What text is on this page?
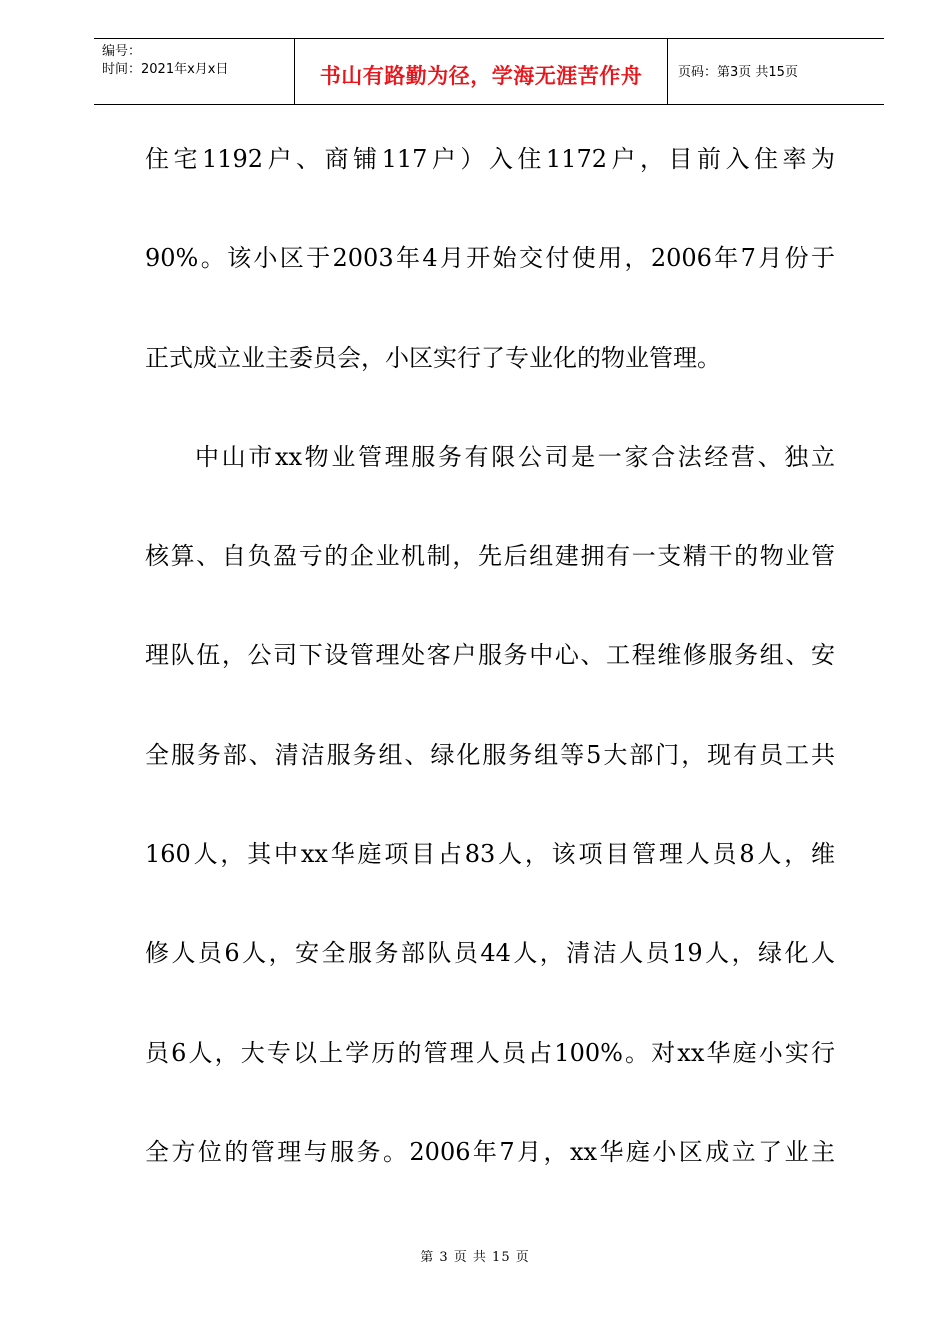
编号：
时间：2021年x月x日	书山有路勤为径，学海无涯苦作舟	页码：第3页 共15页
住宅1192户、商铺117户）入住1172户，目前入住率为
90%。该小区于2003年4月开始交付使用，2006年7月份于
正式成立业主委员会，小区实行了专业化的物业管理。
中山市xx物业管理服务有限公司是一家合法经营、独立
核算、自负盈亏的企业机制，先后组建拥有一支精干的物业管
理队伍，公司下设管理处客户服务中心、工程维修服务组、安
全服务部、清洁服务组、绿化服务组等5大部门，现有员工共
160人，其中xx华庭项目占83人，该项目管理人员8人，维
修人员6人，安全服务部队员44人，清洁人员19人，绿化人
员6人，大专以上学历的管理人员占100%。对xx华庭小实行
全方位的管理与服务。2006年7月，xx华庭小区成立了业主
第 3 页 共 15 页
